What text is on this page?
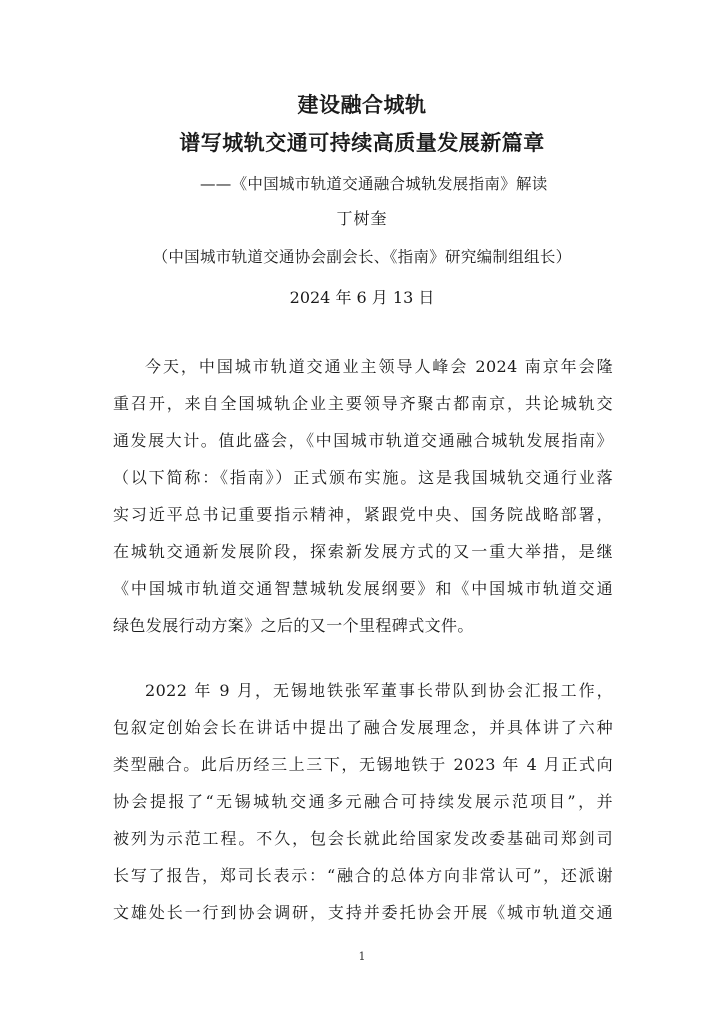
建设融合城轨
谱写城轨交通可持续高质量发展新篇章
——《中国城市轨道交通融合城轨发展指南》解读
丁树奎
（中国城市轨道交通协会副会长、《指南》研究编制组组长）
2024 年 6 月 13 日
今天，中国城市轨道交通业主领导人峰会 2024 南京年会隆
重召开，来自全国城轨企业主要领导齐聚古都南京，共论城轨交
通发展大计。值此盛会，《中国城市轨道交通融合城轨发展指南》
（以下简称：《指南》）正式颁布实施。这是我国城轨交通行业落
实习近平总书记重要指示精神，紧跟党中央、国务院战略部署，
在城轨交通新发展阶段，探索新发展方式的又一重大举措，是继
《中国城市轨道交通智慧城轨发展纲要》和《中国城市轨道交通
绿色发展行动方案》之后的又一个里程碑式文件。
2022 年 9 月，无锡地铁张军董事长带队到协会汇报工作，
包叙定创始会长在讲话中提出了融合发展理念，并具体讲了六种
类型融合。此后历经三上三下，无锡地铁于 2023 年 4 月正式向
协会提报了“无锡城轨交通多元融合可持续发展示范项目”，并
被列为示范工程。不久，包会长就此给国家发改委基础司郑剑司
长写了报告，郑司长表示：“融合的总体方向非常认可”，还派谢
文雄处长一行到协会调研，支持并委托协会开展《城市轨道交通
1
